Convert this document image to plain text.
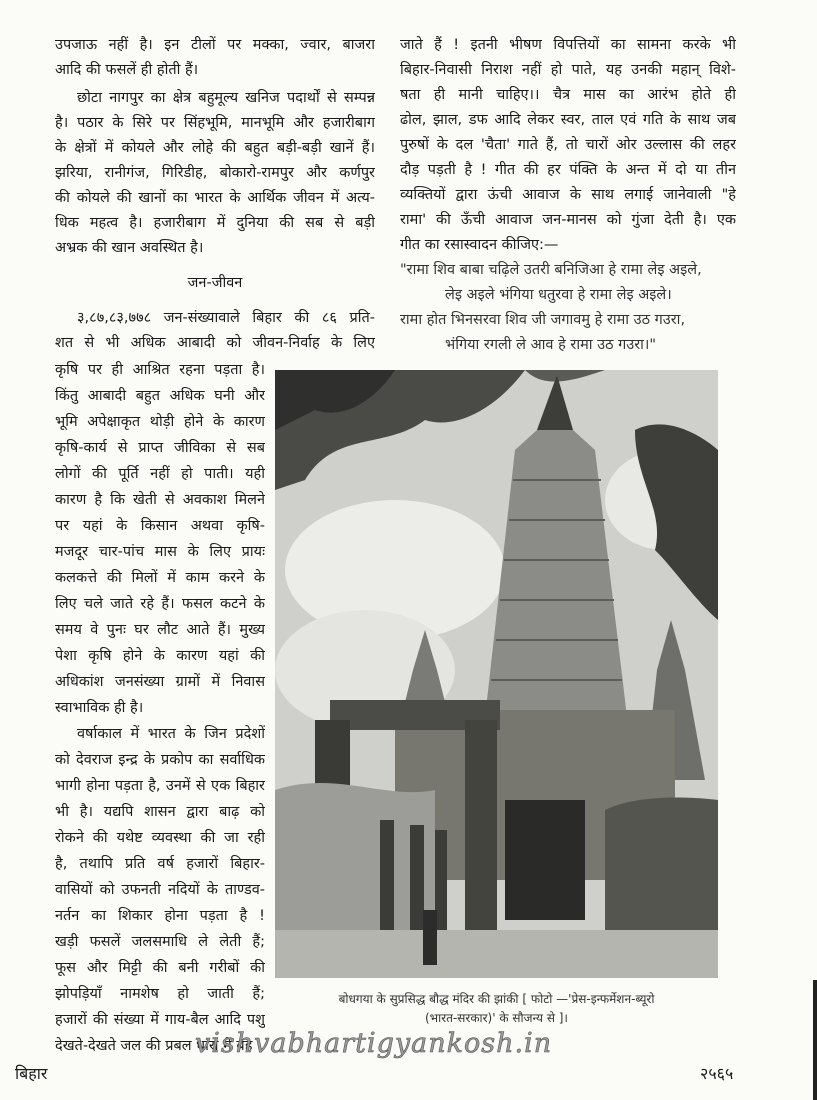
उपजाऊ नहीं है। इन टीलों पर मक्का, ज्वार, बाजरा
आदि की फसलें ही होती हैं।
छोटा नागपुर का क्षेत्र बहुमूल्य खनिज पदार्थों से सम्पन्न
है। पठार के सिरे पर सिंहभूमि, मानभूमि और हजारीबाग
के क्षेत्रों में कोयले और लोहे की बहुत बड़ी-बड़ी खानें हैं।
झरिया, रानीगंज, गिरिडीह, बोकारो-रामपुर और कर्णपुर
की कोयले की खानों का भारत के आर्थिक जीवन में अत्य-
धिक महत्व है। हजारीबाग में दुनिया की सब से बड़ी
अभ्रक की खान अवस्थित है।
जन-जीवन
३,८७,८३,७७८ जन-संख्यावाले बिहार की ८६ प्रति-
शत से भी अधिक आबादी को जीवन-निर्वाह के लिए
कृषि पर ही आश्रित रहना पड़ता है।
किंतु आबादी बहुत अधिक घनी और
भूमि अपेक्षाकृत थोड़ी होने के कारण
कृषि-कार्य से प्राप्त जीविका से सब
लोगों की पूर्ति नहीं हो पाती। यही
कारण है कि खेती से अवकाश मिलने
पर यहां के किसान अथवा कृषि-
मजदूर चार-पांच मास के लिए प्रायः
कलकत्ते की मिलों में काम करने के
लिए चले जाते रहे हैं। फसल कटने के
समय वे पुनः घर लौट आते हैं। मुख्य
पेशा कृषि होने के कारण यहां की
अधिकांश जनसंख्या ग्रामों में निवास
स्वाभाविक ही है।
वर्षाकाल में भारत के जिन प्रदेशों
को देवराज इन्द्र के प्रकोप का सर्वाधिक
भागी होना पड़ता है, उनमें से एक बिहार
भी है। यद्यपि शासन द्वारा बाढ़ को
रोकने की यथेष्ट व्यवस्था की जा रही
है, तथापि प्रति वर्ष हजारों बिहार-
वासियों को उफनती नदियों के ताण्डव-
नर्तन का शिकार होना पड़ता है !
खड़ी फसलें जलसमाधि ले लेती हैं;
फूस और मिट्टी की बनी गरीबों की
झोपड़ियाँ नामशेष हो जाती हैं;
हजारों की संख्या में गाय-बैल आदि पशु
देखते-देखते जल की प्रबल धारा में बह
जाते हैं ! इतनी भीषण विपत्तियों का सामना करके भी
बिहार-निवासी निराश नहीं हो पाते, यह उनकी महान् विशे-
षता ही मानी चाहिए।। चैत्र मास का आरंभ होते ही
ढोल, झाल, डफ आदि लेकर स्वर, ताल एवं गति के साथ जब
पुरुषों के दल 'चैता' गाते हैं, तो चारों ओर उल्लास की लहर
दौड़ पड़ती है ! गीत की हर पंक्ति के अन्त में दो या तीन
व्यक्तियों द्वारा ऊंची आवाज के साथ लगाई जानेवाली "हे
रामा' की ऊँची आवाज जन-मानस को गुंजा देती है। एक
गीत का रसास्वादन कीजिए:—
"रामा शिव बाबा चढ़िले उतरी बनिजिआ हे रामा लेइ अइले,
लेइ अइले भंगिया धतुरवा हे रामा लेइ अइले।
रामा होत भिनसरवा शिव जी जगावमु हे रामा उठ गउरा,
भंगिया रगली ले आव हे रामा उठ गउरा।"
बोधगया के सुप्रसिद्ध बौद्ध मंदिर की झांकी [ फोटो —'प्रेस-इन्फर्मेशन-ब्यूरो
(भारत-सरकार)' के सौजन्य से ]।
vishvabhartigyankosh.in
बिहार	२५६५
